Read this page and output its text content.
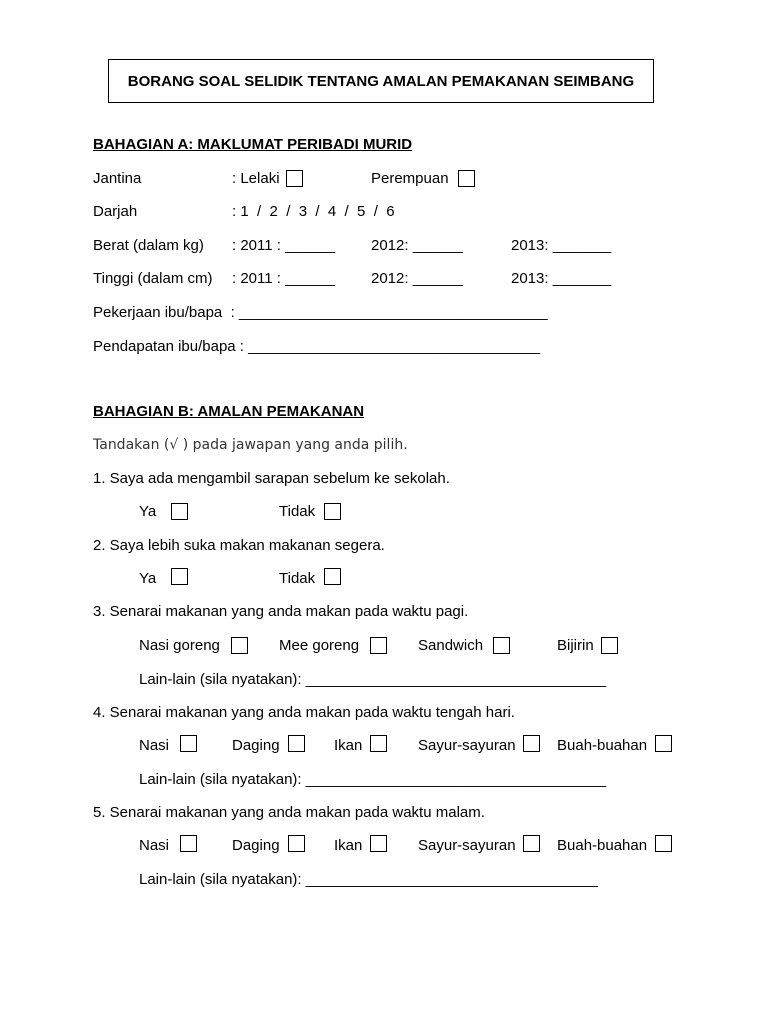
BORANG SOAL SELIDIK TENTANG AMALAN PEMAKANAN SEIMBANG
BAHAGIAN A: MAKLUMAT PERIBADI MURID
Jantina	: Lelaki	Perempuan
Darjah	: 1  /  2  /  3  /  4  /  5  /  6
Berat (dalam kg) : 2011 : ______ 2012: ______	2013: _______
Tinggi (dalam cm) : 2011 : ______ 2012: ______	2013: _______
Pekerjaan ibu/bapa  : _____________________________________
Pendapatan ibu/bapa : ___________________________________
BAHAGIAN B: AMALAN PEMAKANAN
Tandakan (√ ) pada jawapan yang anda pilih.
1. Saya ada mengambil sarapan sebelum ke sekolah.
Ya	Tidak
2. Saya lebih suka makan makanan segera.
Ya	Tidak
3. Senarai makanan yang anda makan pada waktu pagi.
Nasi goreng	Mee goreng	Sandwich	Bijirin
Lain-lain (sila nyatakan): ____________________________________
4. Senarai makanan yang anda makan pada waktu tengah hari.
Nasi	Daging	Ikan	Sayur-sayuran	Buah-buahan
Lain-lain (sila nyatakan): ____________________________________
5. Senarai makanan yang anda makan pada waktu malam.
Nasi	Daging	Ikan	Sayur-sayuran	Buah-buahan
Lain-lain (sila nyatakan): ___________________________________
